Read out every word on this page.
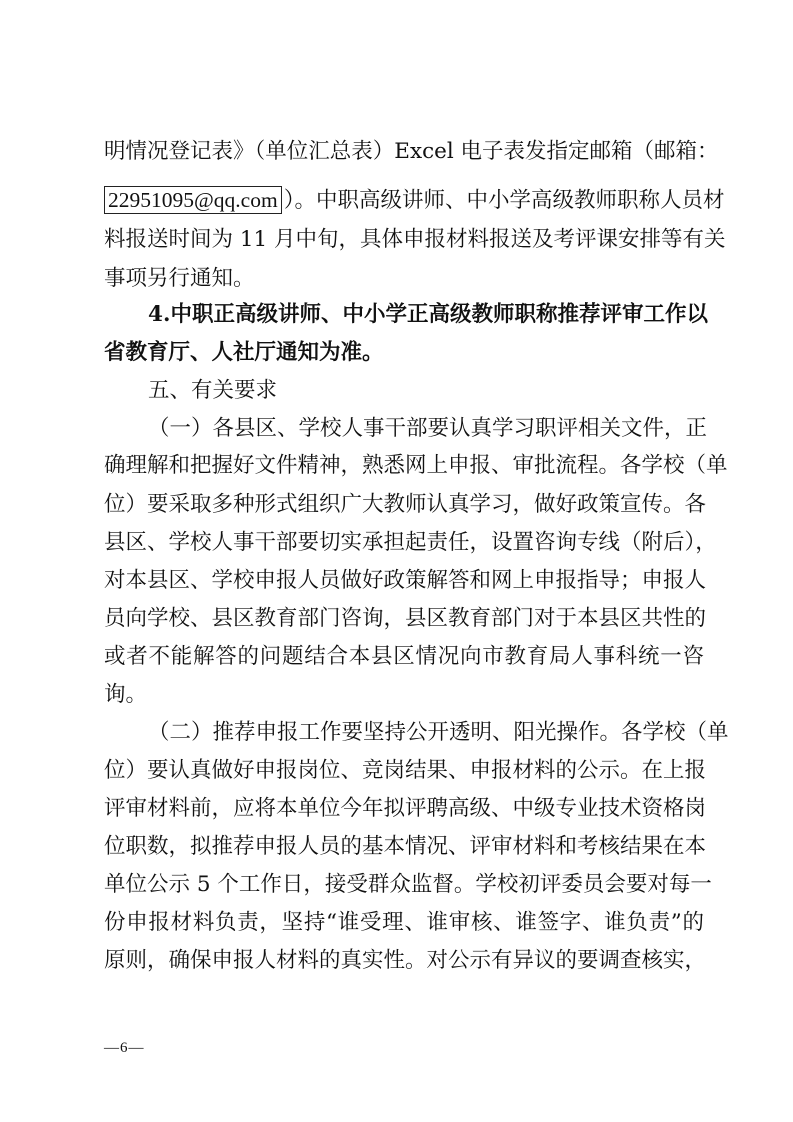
明情况登记表》（单位汇总表）Excel 电子表发指定邮箱（邮箱：

22951095@qq.com ）。中职高级讲师、中小学高级教师职称人员材

料报送时间为 11 月中旬，具体申报材料报送及考评课安排等有关

事项另行通知。

4.中职正高级讲师、中小学正高级教师职称推荐评审工作以

省教育厅、人社厅通知为准。

五、有关要求

（一）各县区、学校人事干部要认真学习职评相关文件，正

确理解和把握好文件精神，熟悉网上申报、审批流程。各学校（单

位）要采取多种形式组织广大教师认真学习，做好政策宣传。各

县区、学校人事干部要切实承担起责任，设置咨询专线（附后），

对本县区、学校申报人员做好政策解答和网上申报指导；申报人

员向学校、县区教育部门咨询，县区教育部门对于本县区共性的

或者不能解答的问题结合本县区情况向市教育局人事科统一咨

询。

（二）推荐申报工作要坚持公开透明、阳光操作。各学校（单

位）要认真做好申报岗位、竞岗结果、申报材料的公示。在上报

评审材料前，应将本单位今年拟评聘高级、中级专业技术资格岗

位职数，拟推荐申报人员的基本情况、评审材料和考核结果在本

单位公示 5 个工作日，接受群众监督。学校初评委员会要对每一

份申报材料负责，坚持“谁受理、谁审核、谁签字、谁负责”的

原则，确保申报人材料的真实性。对公示有异议的要调查核实，

—6—
